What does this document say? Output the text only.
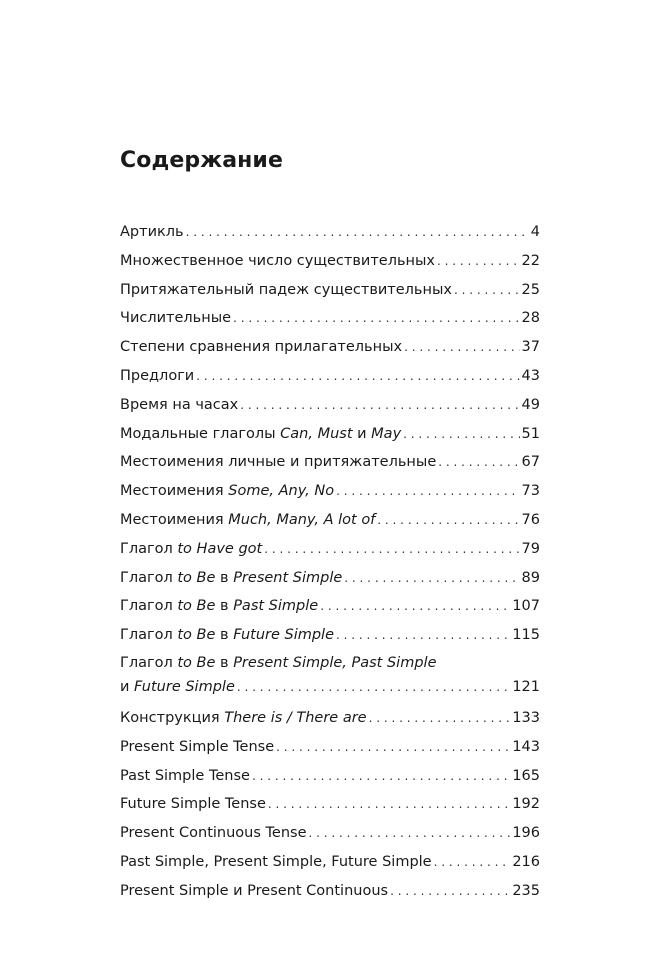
Содержание
Артикль . . .	4
Множественное число существительных . . .	22
Притяжательный падеж существительных . . .	25
Числительные . . .	28
Степени сравнения прилагательных . . .	37
Предлоги . . .	43
Время на часах . . .	49
Модальные глаголы Can, Must и May . . .	51
Местоимения личные и притяжательные . . .	67
Местоимения Some, Any, No . . .	73
Местоимения Much, Many, A lot of . . .	76
Глагол to Have got . . .	79
Глагол to Be в Present Simple . . .	89
Глагол to Be в Past Simple . . .	107
Глагол to Be в Future Simple . . .	115
Глагол to Be в Present Simple, Past Simple
и Future Simple . . .	121
Конструкция There is / There are . . .	133
Present Simple Tense . . .	143
Past Simple Tense . . .	165
Future Simple Tense . . .	192
Present Continuous Tense . . .	196
Past Simple, Present Simple, Future Simple . . .	216
Present Simple и Present Continuous . . .	235
